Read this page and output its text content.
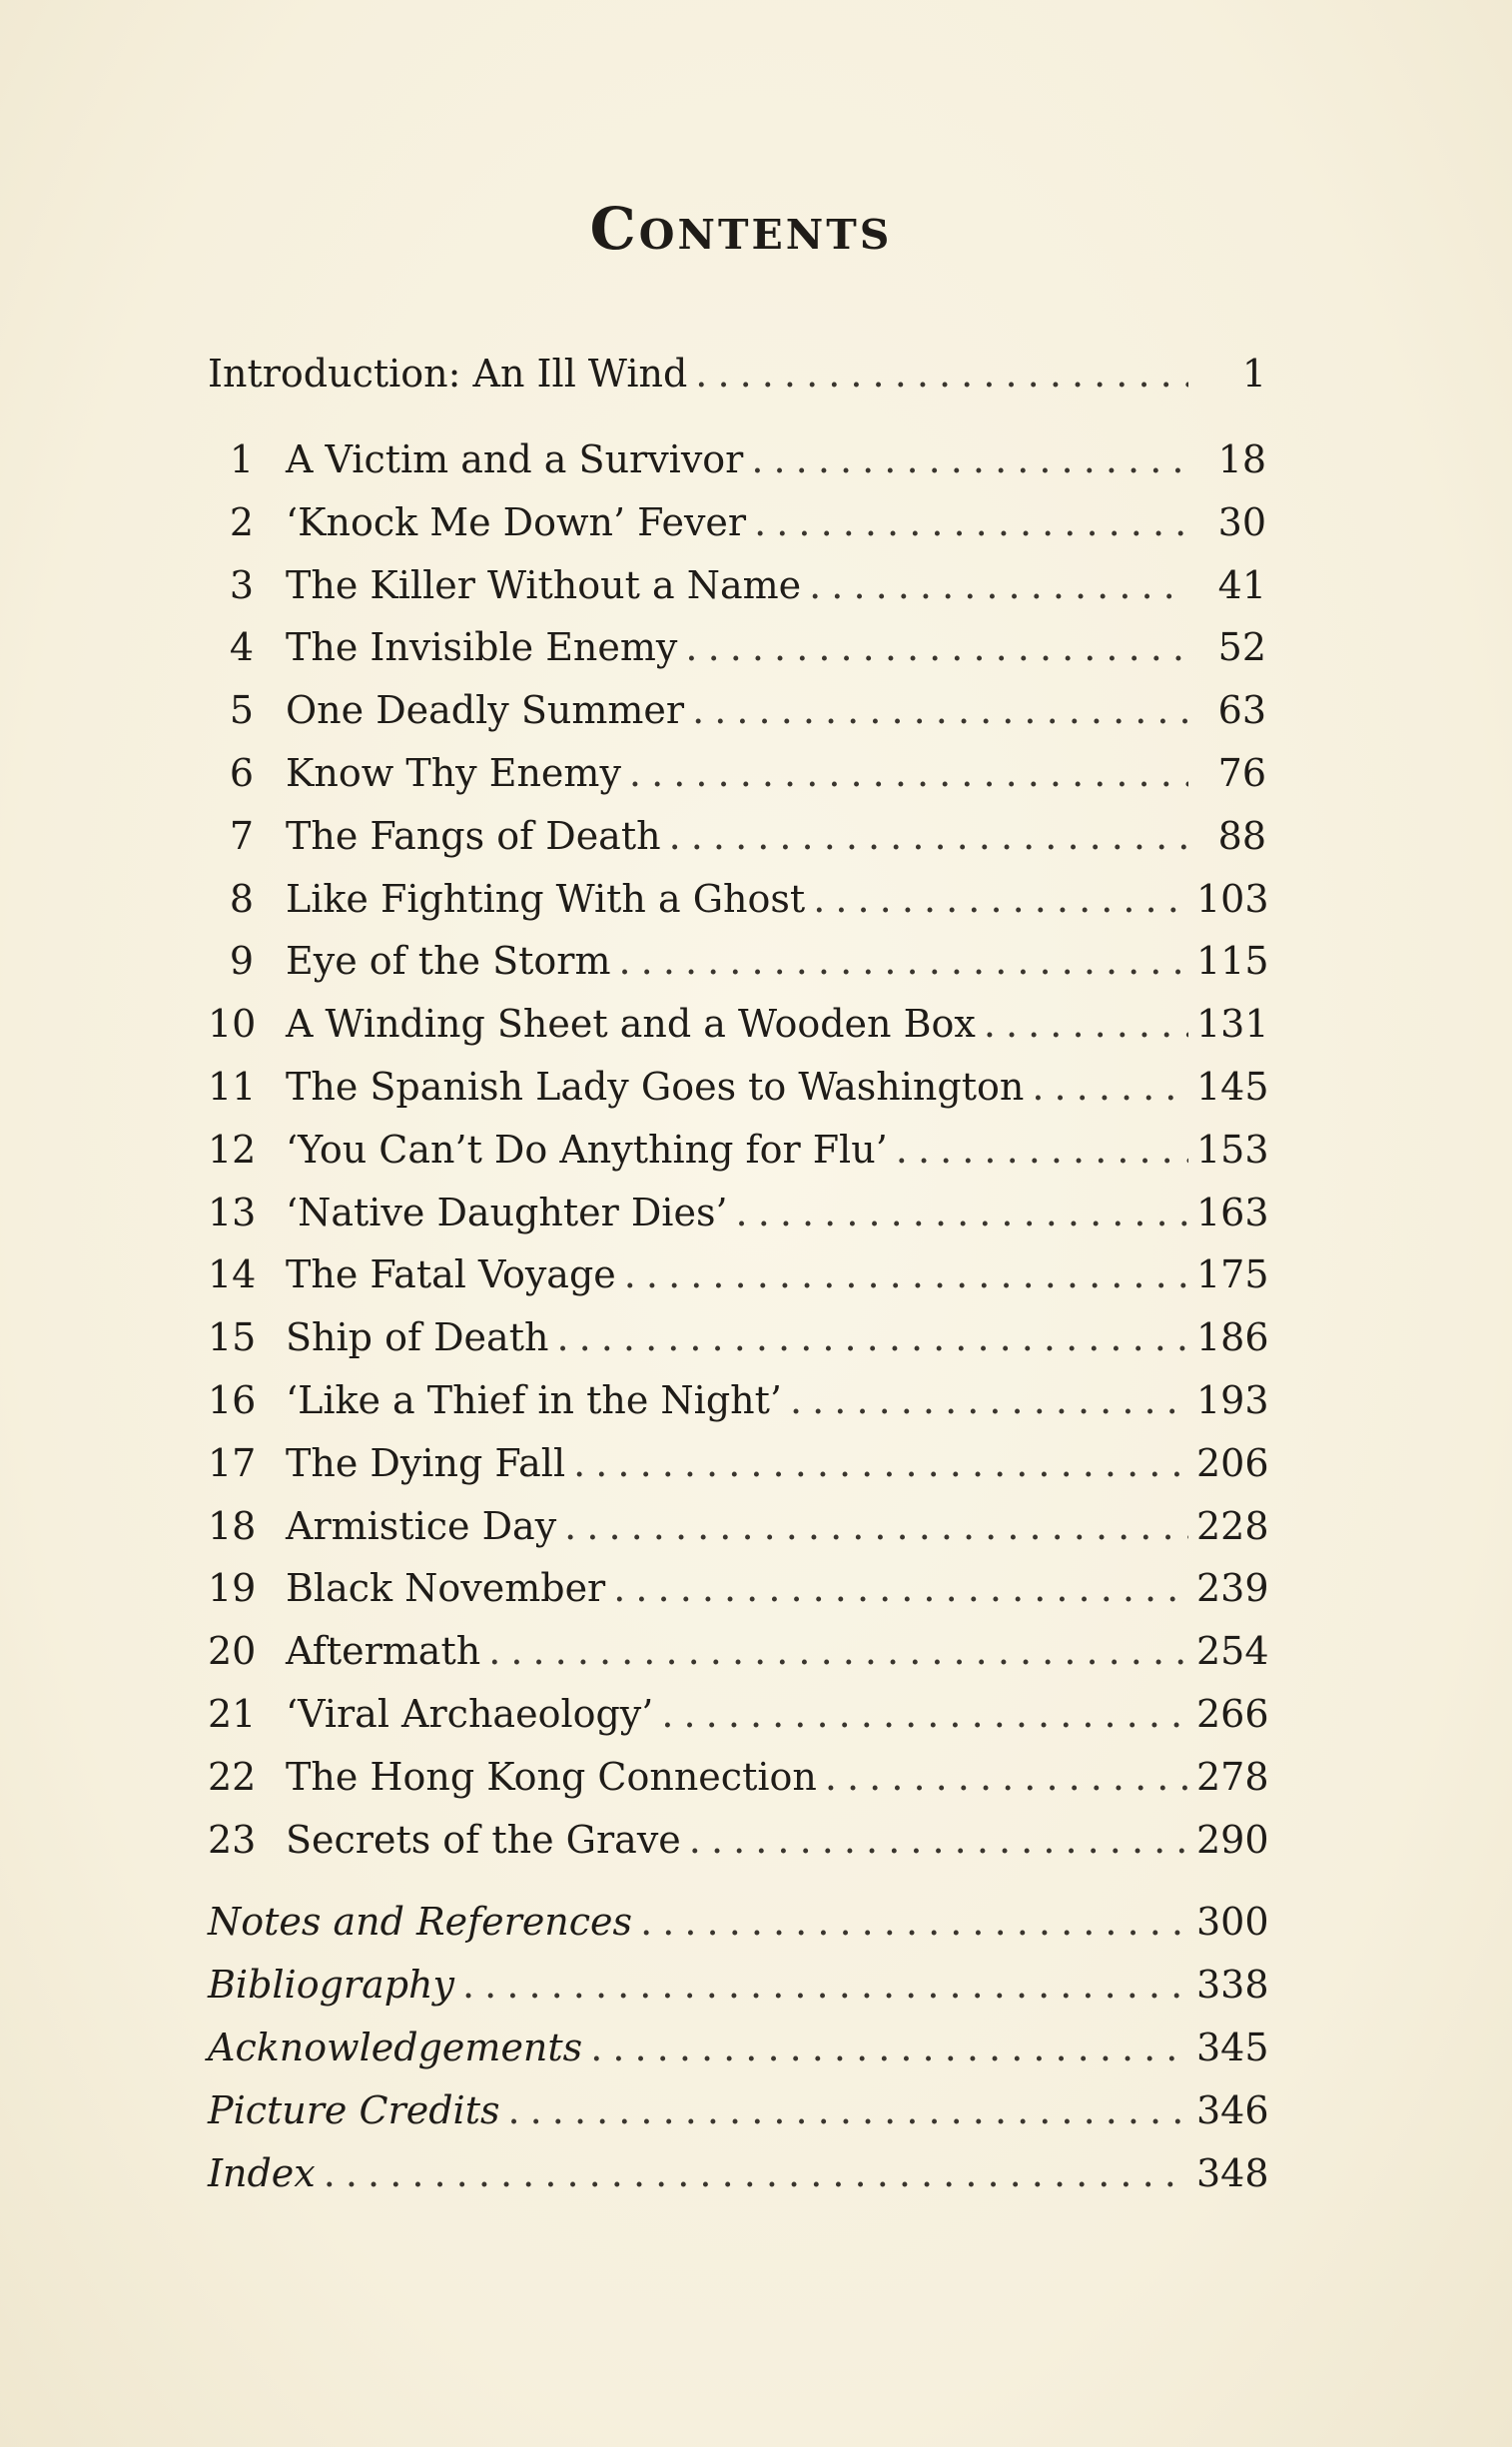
Contents
Introduction: An Ill Wind . . .	1
1 A Victim and a Survivor . . .	18
2 ‘Knock Me Down’ Fever . . .	30
3 The Killer Without a Name . . .	41
4 The Invisible Enemy . . .	52
5 One Deadly Summer . . .	63
6 Know Thy Enemy . . .	76
7 The Fangs of Death . . .	88
8 Like Fighting With a Ghost . . .	103
9 Eye of the Storm . . .	115
10 A Winding Sheet and a Wooden Box . . .	131
11 The Spanish Lady Goes to Washington . . .	145
12 ‘You Can’t Do Anything for Flu’ . . .	153
13 ‘Native Daughter Dies’ . . .	163
14 The Fatal Voyage . . .	175
15 Ship of Death . . .	186
16 ‘Like a Thief in the Night’ . . .	193
17 The Dying Fall . . .	206
18 Armistice Day . . .	228
19 Black November . . .	239
20 Aftermath . . .	254
21 ‘Viral Archaeology’ . . .	266
22 The Hong Kong Connection . . .	278
23 Secrets of the Grave . . .	290
Notes and References . . .	300
Bibliography . . .	338
Acknowledgements . . .	345
Picture Credits . . .	346
Index . . .	348
